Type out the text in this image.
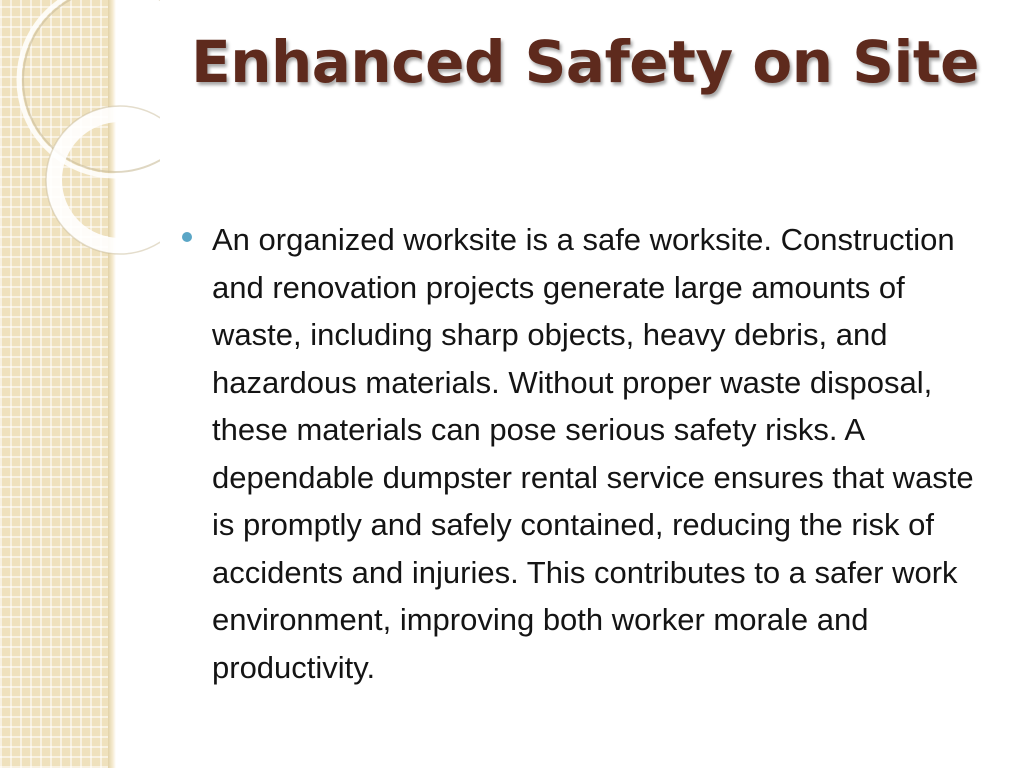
Enhanced Safety on Site

An organized worksite is a safe worksite. Construction and renovation projects generate large amounts of waste, including sharp objects, heavy debris, and hazardous materials. Without proper waste disposal, these materials can pose serious safety risks. A dependable dumpster rental service ensures that waste is promptly and safely contained, reducing the risk of accidents and injuries. This contributes to a safer work environment, improving both worker morale and productivity.
